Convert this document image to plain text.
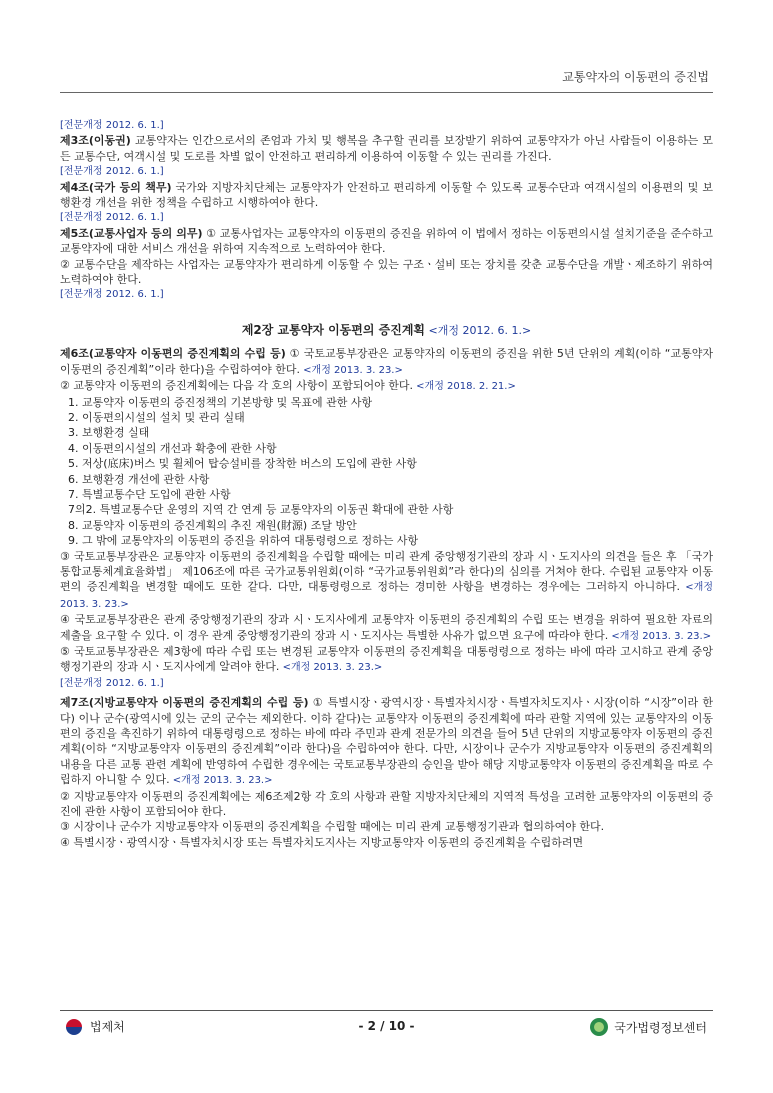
교통약자의 이동편의 증진법

[전문개정 2012. 6. 1.]

제3조(이동권) 교통약자는 인간으로서의 존엄과 가치 및 행복을 추구할 권리를 보장받기 위하여 교통약자가 아닌 사람들이 이용하는 모든 교통수단, 여객시설 및 도로를 차별 없이 안전하고 편리하게 이용하여 이동할 수 있는 권리를 가진다.

[전문개정 2012. 6. 1.]

제4조(국가 등의 책무) 국가와 지방자치단체는 교통약자가 안전하고 편리하게 이동할 수 있도록 교통수단과 여객시설의 이용편의 및 보행환경 개선을 위한 정책을 수립하고 시행하여야 한다.

[전문개정 2012. 6. 1.]

제5조(교통사업자 등의 의무) ① 교통사업자는 교통약자의 이동편의 증진을 위하여 이 법에서 정하는 이동편의시설 설치기준을 준수하고 교통약자에 대한 서비스 개선을 위하여 지속적으로 노력하여야 한다.

② 교통수단을 제작하는 사업자는 교통약자가 편리하게 이동할 수 있는 구조ㆍ설비 또는 장치를 갖춘 교통수단을 개발ㆍ제조하기 위하여 노력하여야 한다.

[전문개정 2012. 6. 1.]

제2장 교통약자 이동편의 증진계획 <개정 2012. 6. 1.>

제6조(교통약자 이동편의 증진계획의 수립 등) ① 국토교통부장관은 교통약자의 이동편의 증진을 위한 5년 단위의 계획(이하 “교통약자 이동편의 증진계획”이라 한다)을 수립하여야 한다. <개정 2013. 3. 23.>

② 교통약자 이동편의 증진계획에는 다음 각 호의 사항이 포함되어야 한다. <개정 2018. 2. 21.>

1. 교통약자 이동편의 증진정책의 기본방향 및 목표에 관한 사항

2. 이동편의시설의 설치 및 관리 실태

3. 보행환경 실태

4. 이동편의시설의 개선과 확충에 관한 사항

5. 저상(底床)버스 및 휠체어 탑승설비를 장착한 버스의 도입에 관한 사항

6. 보행환경 개선에 관한 사항

7. 특별교통수단 도입에 관한 사항

7의2. 특별교통수단 운영의 지역 간 연계 등 교통약자의 이동권 확대에 관한 사항

8. 교통약자 이동편의 증진계획의 추진 재원(財源) 조달 방안

9. 그 밖에 교통약자의 이동편의 증진을 위하여 대통령령으로 정하는 사항

③ 국토교통부장관은 교통약자 이동편의 증진계획을 수립할 때에는 미리 관계 중앙행정기관의 장과 시ㆍ도지사의 의견을 들은 후 「국가통합교통체계효율화법」 제106조에 따른 국가교통위원회(이하 “국가교통위원회”라 한다)의 심의를 거쳐야 한다. 수립된 교통약자 이동편의 증진계획을 변경할 때에도 또한 같다. 다만, 대통령령으로 정하는 경미한 사항을 변경하는 경우에는 그러하지 아니하다. <개정 2013. 3. 23.>

④ 국토교통부장관은 관계 중앙행정기관의 장과 시ㆍ도지사에게 교통약자 이동편의 증진계획의 수립 또는 변경을 위하여 필요한 자료의 제출을 요구할 수 있다. 이 경우 관계 중앙행정기관의 장과 시ㆍ도지사는 특별한 사유가 없으면 요구에 따라야 한다. <개정 2013. 3. 23.>

⑤ 국토교통부장관은 제3항에 따라 수립 또는 변경된 교통약자 이동편의 증진계획을 대통령령으로 정하는 바에 따라 고시하고 관계 중앙행정기관의 장과 시ㆍ도지사에게 알려야 한다. <개정 2013. 3. 23.>

[전문개정 2012. 6. 1.]

제7조(지방교통약자 이동편의 증진계획의 수립 등) ① 특별시장ㆍ광역시장ㆍ특별자치시장ㆍ특별자치도지사ㆍ시장(이하 “시장”이라 한다) 이나 군수(광역시에 있는 군의 군수는 제외한다. 이하 같다)는 교통약자 이동편의 증진계획에 따라 관할 지역에 있는 교통약자의 이동편의 증진을 촉진하기 위하여 대통령령으로 정하는 바에 따라 주민과 관계 전문가의 의견을 들어 5년 단위의 지방교통약자 이동편의 증진계획(이하 “지방교통약자 이동편의 증진계획”이라 한다)을 수립하여야 한다. 다만, 시장이나 군수가 지방교통약자 이동편의 증진계획의 내용을 다른 교통 관련 계획에 반영하여 수립한 경우에는 국토교통부장관의 승인을 받아 해당 지방교통약자 이동편의 증진계획을 따로 수립하지 아니할 수 있다. <개정 2013. 3. 23.>

② 지방교통약자 이동편의 증진계획에는 제6조제2항 각 호의 사항과 관할 지방자치단체의 지역적 특성을 고려한 교통약자의 이동편의 증진에 관한 사항이 포함되어야 한다.

③ 시장이나 군수가 지방교통약자 이동편의 증진계획을 수립할 때에는 미리 관계 교통행정기관과 협의하여야 한다.

④ 특별시장ㆍ광역시장ㆍ특별자치시장 또는 특별자치도지사는 지방교통약자 이동편의 증진계획을 수립하려면

법제처	- 2 / 10 -	국가법령정보센터
